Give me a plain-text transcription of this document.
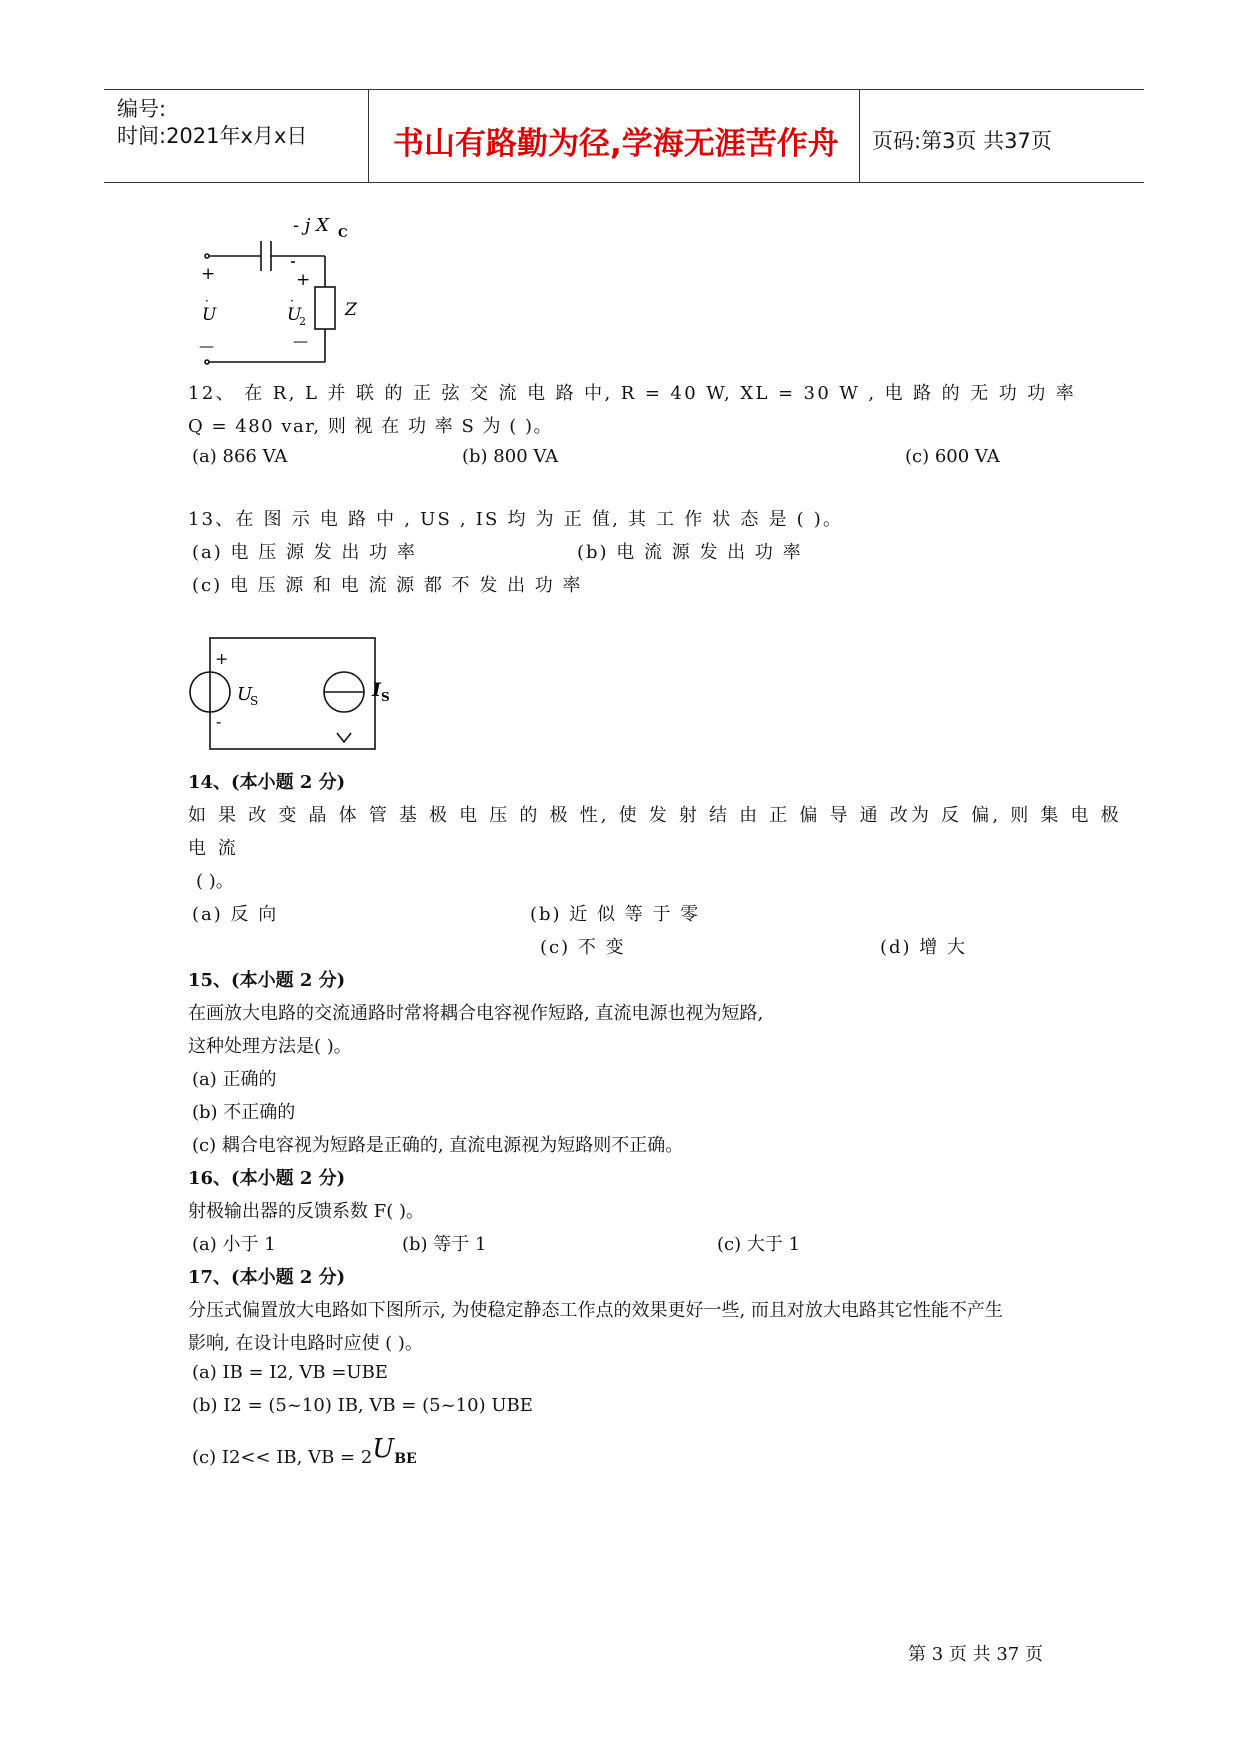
编号:
时间:2021年x月x日	书山有路勤为径,学海无涯苦作舟 页码:第3页 共37页
- j X C
+	+
U
·
U
·
2
—	—
Z
12、 在 R, L 并 联 的 正 弦 交 流 电 路 中, R = 40 W, XL = 30 W , 电 路 的 无 功 功 率
Q = 480 var, 则 视 在 功 率 S 为 ( )。
(a) 866 VA	(b) 800 VA	(c) 600 VA
13、在 图 示 电 路 中 , US , IS 均 为 正 值, 其 工 作 状 态 是 ( )。
(a) 电 压 源 发 出 功 率	(b) 电 流 源 发 出 功 率
(c) 电 压 源 和 电 流 源 都 不 发 出 功 率
+
-
U
S	I S
14、(本小题 2 分)
如 果 改 变 晶 体 管 基 极 电 压 的 极 性, 使 发 射 结 由 正 偏 导 通 改为 反 偏, 则 集 电 极
电 流
( )。
(a) 反 向	(b) 近 似 等 于 零
(c) 不 变	(d) 增 大
15、(本小题 2 分)
在画放大电路的交流通路时常将耦合电容视作短路, 直流电源也视为短路,
这种处理方法是( )。
(a) 正确的
(b) 不正确的
(c) 耦合电容视为短路是正确的, 直流电源视为短路则不正确。
16、(本小题 2 分)
射极输出器的反馈系数 F( )。
(a) 小于 1	(b) 等于 1	(c) 大于 1
17、(本小题 2 分)
分压式偏置放大电路如下图所示, 为使稳定静态工作点的效果更好一些, 而且对放大电路其它性能不产生
影响, 在设计电路时应使 ( )。
(a) IB = I2, VB =UBE
(b) I2 = (5~10) IB, VB = (5~10) UBE
(c) I2<< IB, VB = 2UBE
第 3 页 共 37 页
